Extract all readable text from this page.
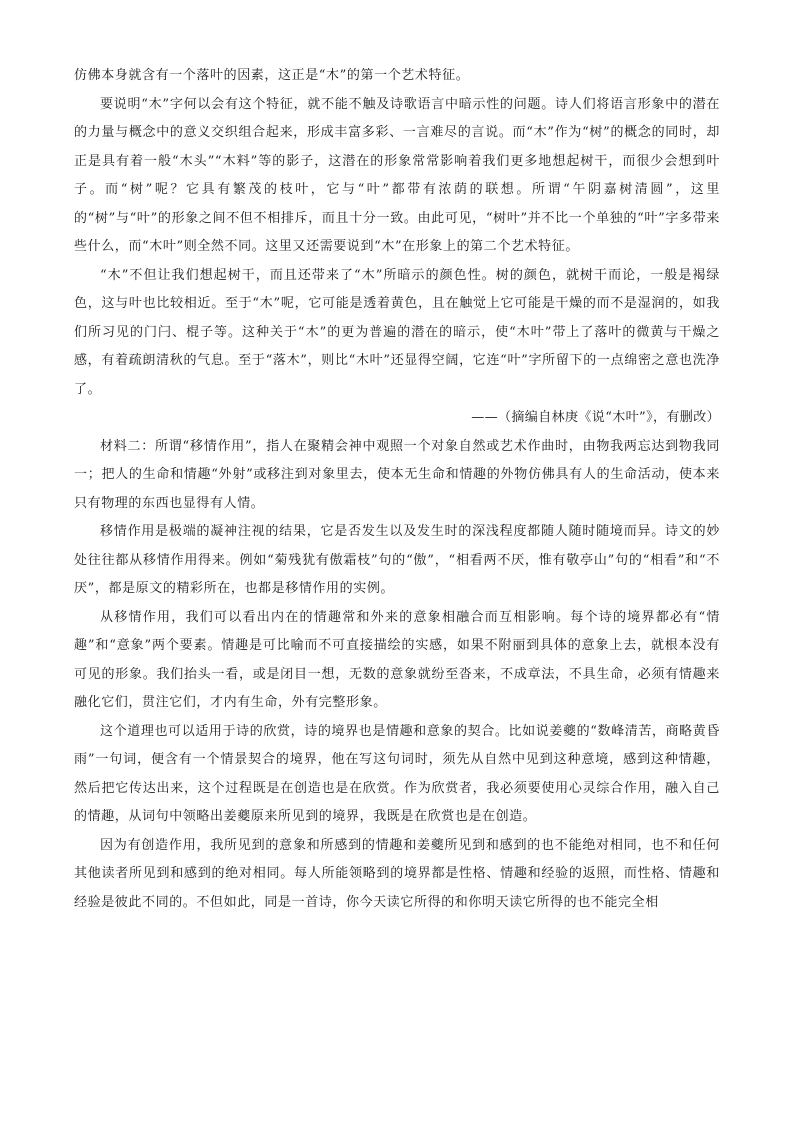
仿佛本身就含有一个落叶的因素，这正是“木”的第一个艺术特征。

要说明“木”字何以会有这个特征，就不能不触及诗歌语言中暗示性的问题。诗人们将语言形象中的潜在的力量与概念中的意义交织组合起来，形成丰富多彩、一言难尽的言说。而“木”作为“树”的概念的同时，却正是具有着一般“木头”“木料”等的影子，这潜在的形象常常影响着我们更多地想起树干，而很少会想到叶子。而“树”呢？它具有繁茂的枝叶，它与“叶”都带有浓荫的联想。所谓“午阴嘉树清圆”，这里的“树”与“叶”的形象之间不但不相排斥，而且十分一致。由此可见，“树叶”并不比一个单独的“叶”字多带来些什么，而“木叶”则全然不同。这里又还需要说到“木”在形象上的第二个艺术特征。

“木”不但让我们想起树干，而且还带来了“木”所暗示的颜色性。树的颜色，就树干而论，一般是褐绿色，这与叶也比较相近。至于“木”呢，它可能是透着黄色，且在触觉上它可能是干燥的而不是湿润的，如我们所习见的门闩、棍子等。这种关于“木”的更为普遍的潜在的暗示，使“木叶”带上了落叶的微黄与干燥之感，有着疏朗清秋的气息。至于“落木”，则比“木叶”还显得空阔，它连“叶”字所留下的一点绵密之意也洗净了。

——（摘编自林庚《说“木叶”》，有删改）

材料二：所谓“移情作用”，指人在聚精会神中观照一个对象自然或艺术作曲时，由物我两忘达到物我同一；把人的生命和情趣“外射”或移注到对象里去，使本无生命和情趣的外物仿佛具有人的生命活动，使本来只有物理的东西也显得有人情。

移情作用是极端的凝神注视的结果，它是否发生以及发生时的深浅程度都随人随时随境而异。诗文的妙处往往都从移情作用得来。例如“菊残犹有傲霜枝”句的“傲”，“相看两不厌，惟有敬亭山”句的“相看”和“不厌”，都是原文的精彩所在，也都是移情作用的实例。

从移情作用，我们可以看出内在的情趣常和外来的意象相融合而互相影响。每个诗的境界都必有“情趣”和“意象”两个要素。情趣是可比喻而不可直接描绘的实感，如果不附丽到具体的意象上去，就根本没有可见的形象。我们抬头一看，或是闭目一想，无数的意象就纷至沓来，不成章法，不具生命，必须有情趣来融化它们，贯注它们，才内有生命，外有完整形象。

这个道理也可以适用于诗的欣赏，诗的境界也是情趣和意象的契合。比如说姜夔的“数峰清苦，商略黄昏雨”一句词，便含有一个情景契合的境界，他在写这句词时，须先从自然中见到这种意境，感到这种情趣，然后把它传达出来，这个过程既是在创造也是在欣赏。作为欣赏者，我必须要使用心灵综合作用，融入自己的情趣，从词句中领略出姜夔原来所见到的境界，我既是在欣赏也是在创造。

因为有创造作用，我所见到的意象和所感到的情趣和姜夔所见到和感到的也不能绝对相同，也不和任何其他读者所见到和感到的绝对相同。每人所能领略到的境界都是性格、情趣和经验的返照，而性格、情趣和经验是彼此不同的。不但如此，同是一首诗，你今天读它所得的和你明天读它所得的也不能完全相
